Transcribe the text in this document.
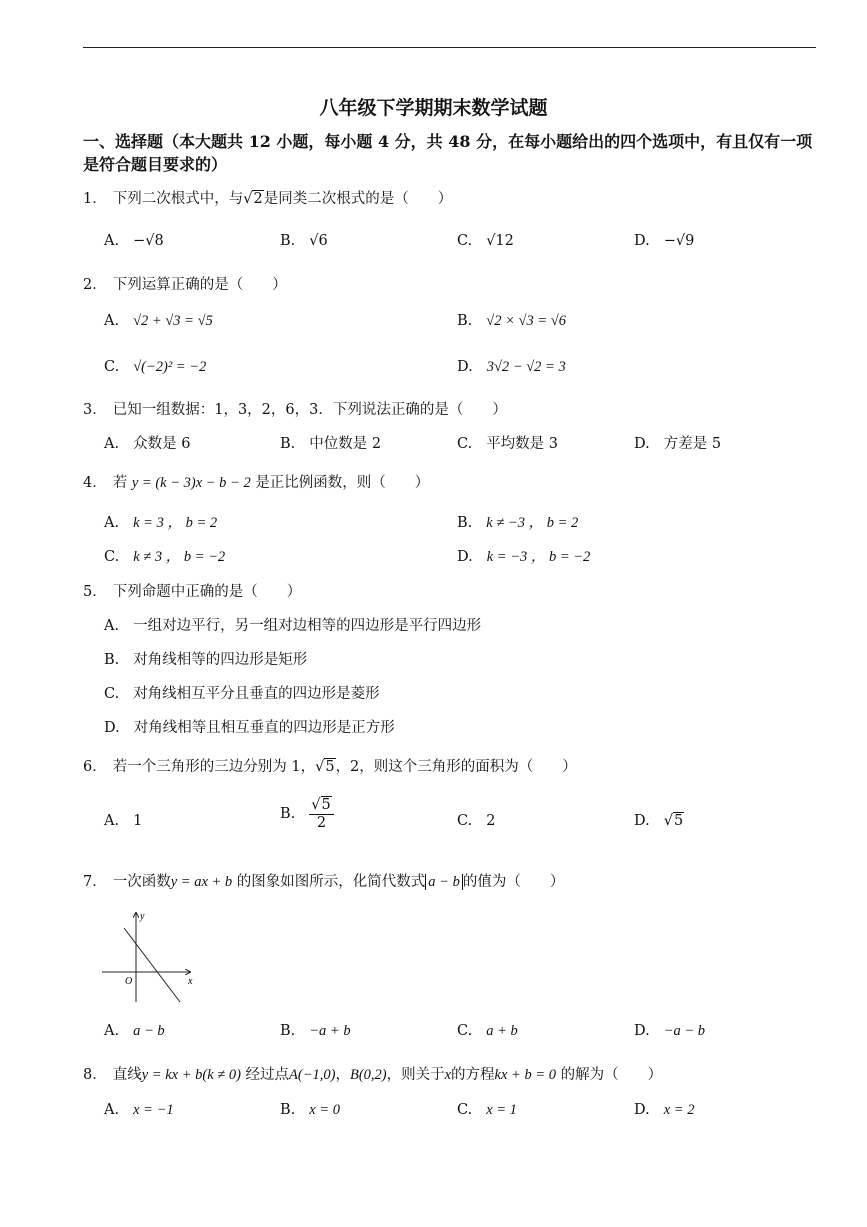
八年级下学期期末数学试题
一、选择题（本大题共 12 小题，每小题 4 分，共 48 分，在每小题给出的四个选项中，有且仅有一项是符合题目要求的）
1． 下列二次根式中，与√2是同类二次根式的是（　　）
A. −√8	B. √6	C. √12	D. −√9
2． 下列运算正确的是（　　）
A. √2 + √3 = √5	B. √2 × √3 = √6
C. √(−2)² = −2	D. 3√2 − √2 = 3
3． 已知一组数据：1，3，2，6，3．下列说法正确的是（　　）
A. 众数是 6	B. 中位数是 2	C. 平均数是 3	D. 方差是 5
4． 若 y = (k − 3)x − b − 2 是正比例函数，则（　　）
A. k = 3 ， b = 2	B. k ≠ −3 ， b = 2
C. k ≠ 3 ， b = −2	D. k = −3 ， b = −2
5． 下列命题中正确的是（　　）
A. 一组对边平行，另一组对边相等的四边形是平行四边形
B. 对角线相等的四边形是矩形
C. 对角线相互平分且垂直的四边形是菱形
D. 对角线相等且相互垂直的四边形是正方形
6． 若一个三角形的三边分别为 1，√5，2，则这个三角形的面积为（　　）
A. 1	B. $\frac{√5}{2}$	C. 2	D. √5
7． 一次函数y = ax + b 的图象如图所示，化简代数式 a − b 的值为（　　）
y
x
O
A. a − b	B. −a + b	C. a + b	D. −a − b
8． 直线y = kx + b(k ≠ 0) 经过点A(−1,0)，B(0,2)，则关于x的方程kx + b = 0 的解为（　　）
A. x = −1	B. x = 0	C. x = 1	D. x = 2
